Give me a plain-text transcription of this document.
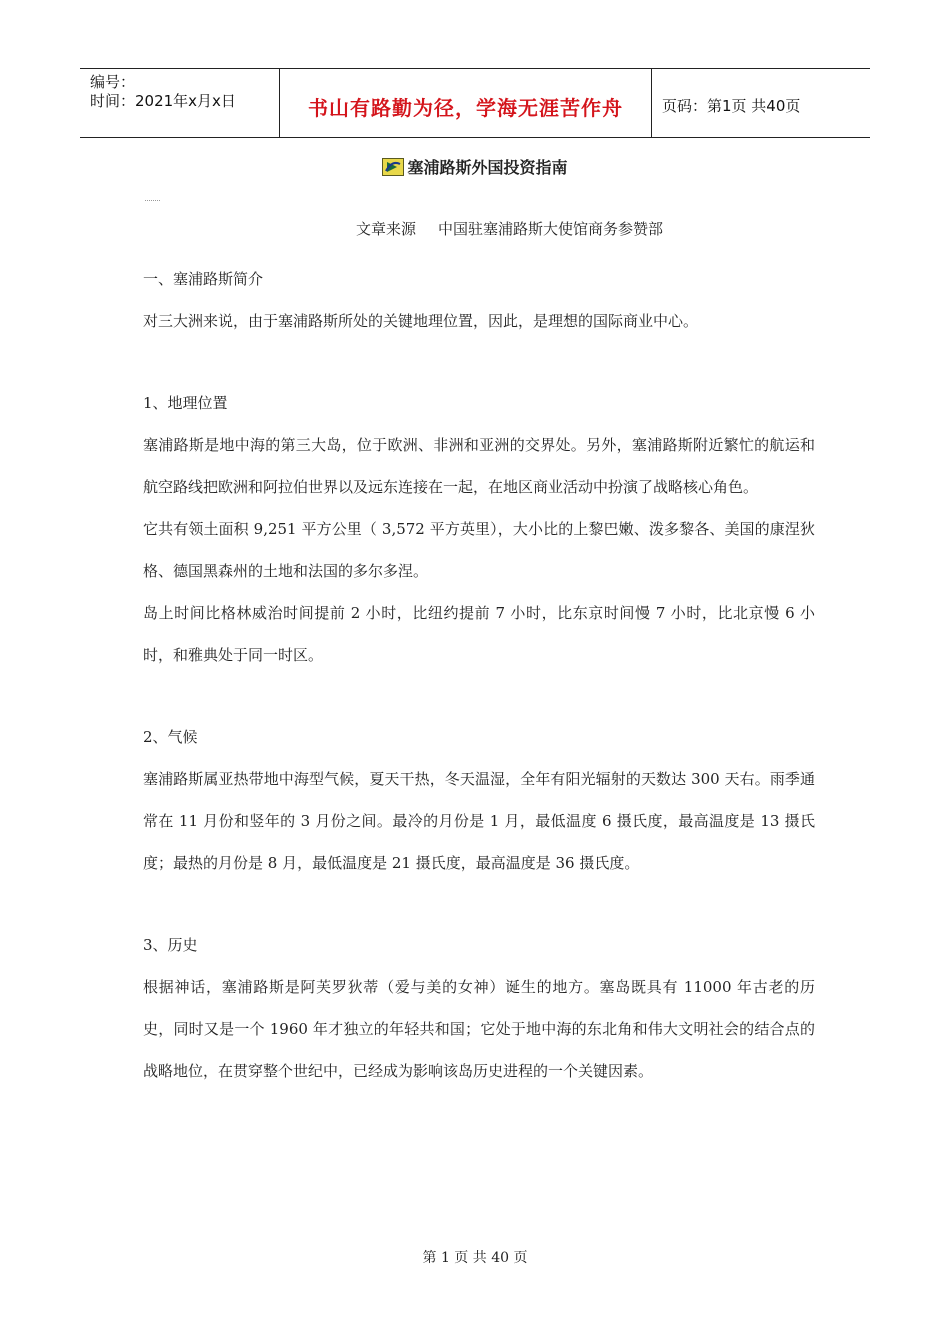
编号：
时间：2021年x月x日	书山有路勤为径，学海无涯苦作舟	页码：第1页 共40页
塞浦路斯外国投资指南
文章来源 中国驻塞浦路斯大使馆商务参赞部

一、塞浦路斯简介

对三大洲来说，由于塞浦路斯所处的关键地理位置，因此，是理想的国际商业中心。

1、地理位置

塞浦路斯是地中海的第三大岛，位于欧洲、非洲和亚洲的交界处。另外，塞浦路斯附近繁忙的航运和航空路线把欧洲和阿拉伯世界以及远东连接在一起，在地区商业活动中扮演了战略核心角色。

它共有领土面积 9,251 平方公里（ 3,572 平方英里），大小比的上黎巴嫩、泼多黎各、美国的康涅狄格、德国黑森州的土地和法国的多尔多涅。

岛上时间比格林威治时间提前 2 小时，比纽约提前 7 小时，比东京时间慢 7 小时，比北京慢 6 小时，和雅典处于同一时区。

2、气候

塞浦路斯属亚热带地中海型气候，夏天干热，冬天温湿，全年有阳光辐射的天数达 300 天右。雨季通常在 11 月份和竖年的 3 月份之间。最冷的月份是 1 月，最低温度 6 摄氏度，最高温度是 13 摄氏度；最热的月份是 8 月，最低温度是 21 摄氏度，最高温度是 36 摄氏度。

3、历史

根据神话，塞浦路斯是阿芙罗狄蒂（爱与美的女神）诞生的地方。塞岛既具有 11000 年古老的历史，同时又是一个 1960 年才独立的年轻共和国；它处于地中海的东北角和伟大文明社会的结合点的战略地位，在贯穿整个世纪中，已经成为影响该岛历史进程的一个关键因素。

第 1 页 共 40 页
